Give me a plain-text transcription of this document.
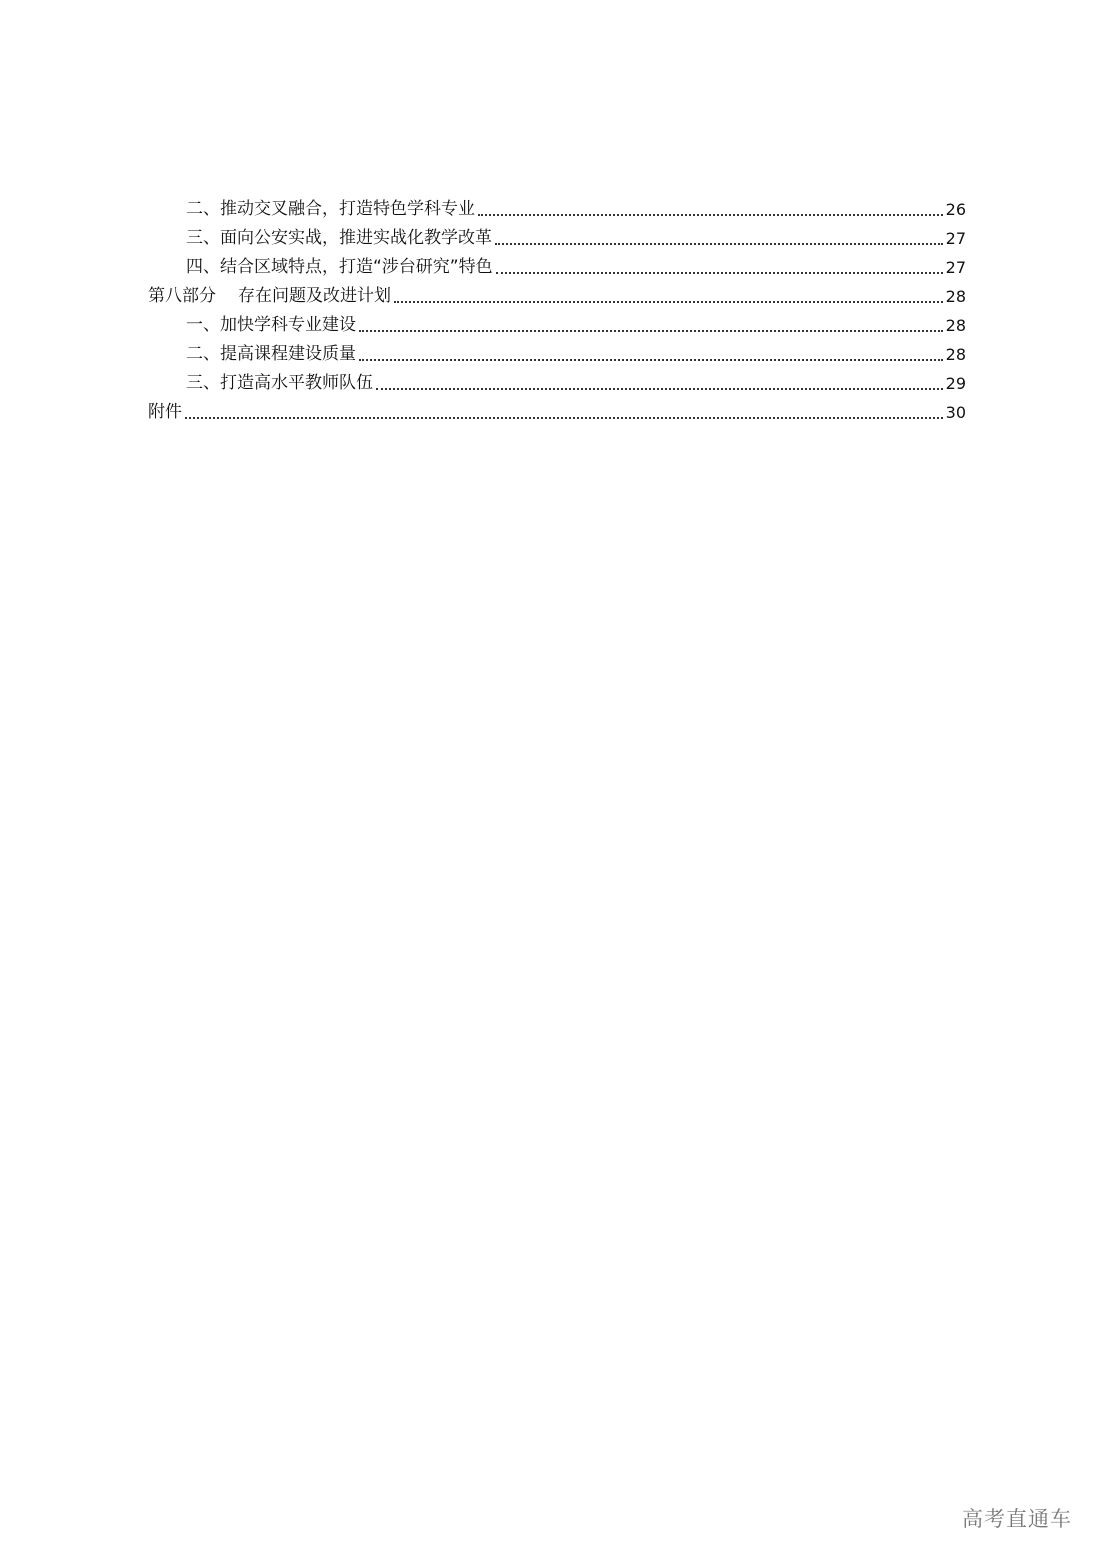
二、推动交叉融合，打造特色学科专业	26
三、面向公安实战，推进实战化教学改革	27
四、结合区域特点，打造“涉台研究”特色	27
第八部分 存在问题及改进计划	28
一、加快学科专业建设	28
二、提高课程建设质量	28
三、打造高水平教师队伍	29
附件	30
高考直通车
